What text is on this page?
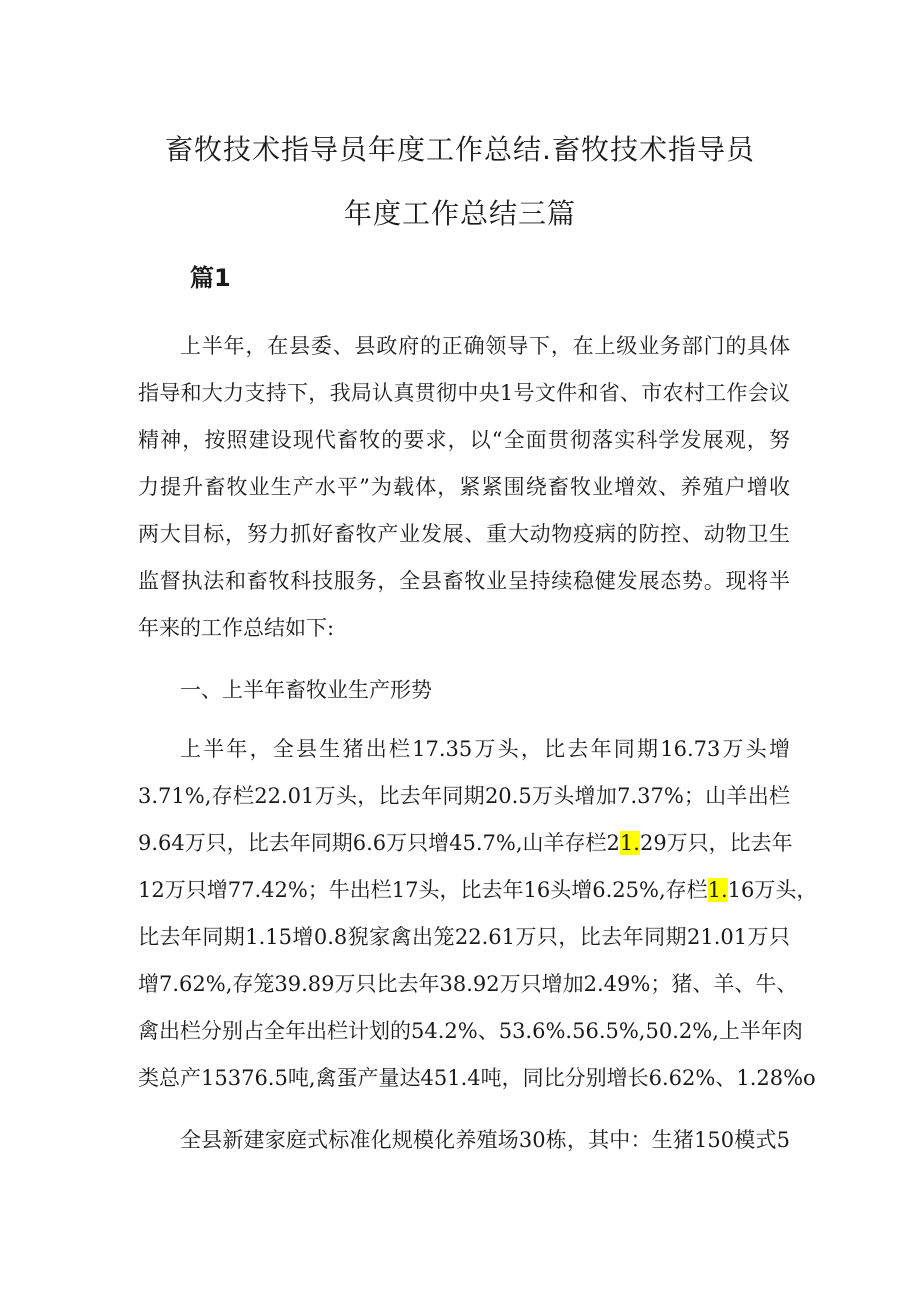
畜牧技术指导员年度工作总结.畜牧技术指导员
年度工作总结三篇
篇1

上半年，在县委、县政府的正确领导下，在上级业务部门的具体

指导和大力支持下，我局认真贯彻中央1号文件和省、市农村工作会议

精神，按照建设现代畜牧的要求，以“全面贯彻落实科学发展观，努

力提升畜牧业生产水平”为载体，紧紧围绕畜牧业增效、养殖户增收

两大目标，努力抓好畜牧产业发展、重大动物疫病的防控、动物卫生

监督执法和畜牧科技服务，全县畜牧业呈持续稳健发展态势。现将半

年来的工作总结如下:

一、上半年畜牧业生产形势

上半年，全县生猪出栏17.35万头，比去年同期16.73万头增

3.71%,存栏22.01万头，比去年同期20.5万头增加7.37%；山羊出栏

9.64万只，比去年同期6.6万只增45.7%,山羊存栏21.29万只，比去年

12万只增77.42%；牛出栏17头，比去年16头增6.25%,存栏1.16万头，

比去年同期1.15增0.8猊家禽出笼22.61万只，比去年同期21.01万只

增7.62%,存笼39.89万只比去年38.92万只增加2.49%；猪、羊、牛、

禽出栏分别占全年出栏计划的54.2%、53.6%.56.5%,50.2%,上半年肉

类总产15376.5吨,禽蛋产量达451.4吨，同比分别增长6.62%、1.28%o

全县新建家庭式标准化规模化养殖场30栋，其中：生猪150模式5
